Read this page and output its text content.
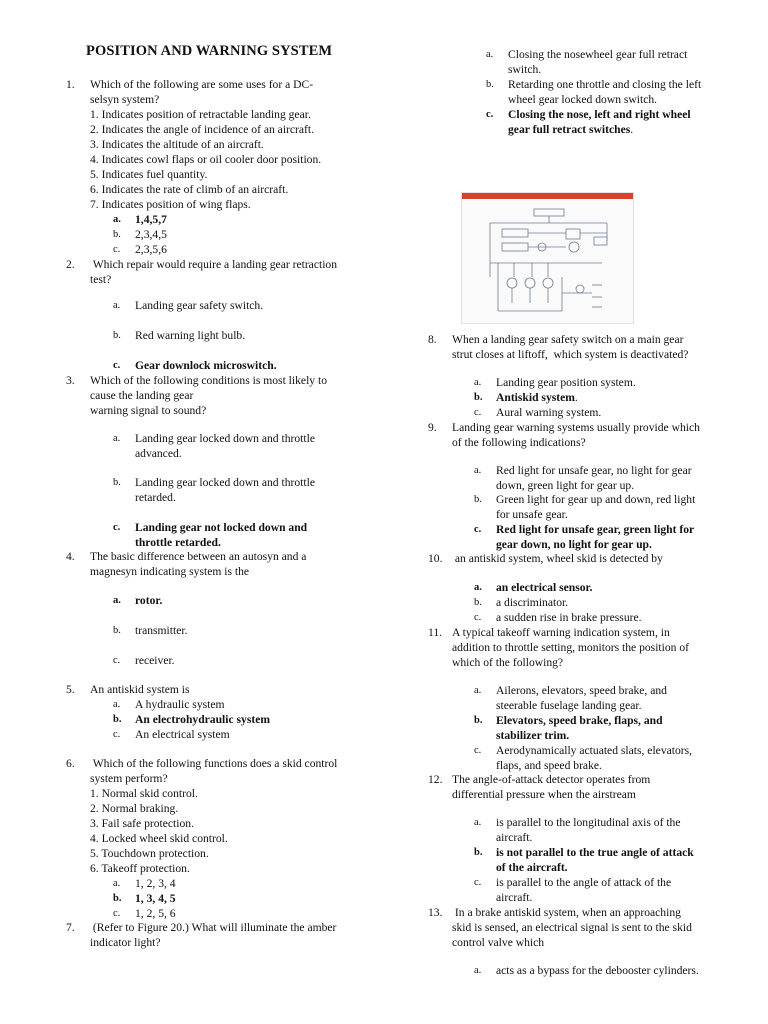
POSITION AND WARNING SYSTEM
1. Which of the following are some uses for a DC-
selsyn system?
1. Indicates position of retractable landing gear.
2. Indicates the angle of incidence of an aircraft.
3. Indicates the altitude of an aircraft.
4. Indicates cowl flaps or oil cooler door position.
5. Indicates fuel quantity.
6. Indicates the rate of climb of an aircraft.
7. Indicates position of wing flaps.
a. 1,4,5,7
b. 2,3,4,5
c. 2,3,5,6
2. Which repair would require a landing gear retraction
test?
a. Landing gear safety switch.
b. Red warning light bulb.
c. Gear downlock microswitch.
3. Which of the following conditions is most likely to
cause the landing gear
warning signal to sound?
a. Landing gear locked down and throttle
advanced.
b. Landing gear locked down and throttle
retarded.
c. Landing gear not locked down and
throttle retarded.
4. The basic difference between an autosyn and a
magnesyn indicating system is the
a. rotor.
b. transmitter.
c. receiver.
5. An antiskid system is
a. A hydraulic system
b. An electrohydraulic system
c. An electrical system
6. Which of the following functions does a skid control
system perform?
1. Normal skid control.
2. Normal braking.
3. Fail safe protection.
4. Locked wheel skid control.
5. Touchdown protection.
6. Takeoff protection.
a. 1, 2, 3, 4
b. 1, 3, 4, 5
c. 1, 2, 5, 6
7. (Refer to Figure 20.) What will illuminate the amber
indicator light?
a. Closing the nosewheel gear full retract
switch.
b. Retarding one throttle and closing the left
wheel gear locked down switch.
c. Closing the nose, left and right wheel
gear full retract switches.
8. When a landing gear safety switch on a main gear
strut closes at liftoff,  which system is deactivated?
a. Landing gear position system.
b. Antiskid system.
c. Aural warning system.
9. Landing gear warning systems usually provide which
of the following indications?
a. Red light for unsafe gear, no light for gear
down, green light for gear up.
b. Green light for gear up and down, red light
for unsafe gear.
c. Red light for unsafe gear, green light for
gear down, no light for gear up.
10. an antiskid system, wheel skid is detected by
a. an electrical sensor.
b. a discriminator.
c. a sudden rise in brake pressure.
11. A typical takeoff warning indication system, in
addition to throttle setting, monitors the position of
which of the following?
a. Ailerons, elevators, speed brake, and
steerable fuselage landing gear.
b. Elevators, speed brake, flaps, and
stabilizer trim.
c. Aerodynamically actuated slats, elevators,
flaps, and speed brake.
12. The angle-of-attack detector operates from
differential pressure when the airstream
a. is parallel to the longitudinal axis of the
aircraft.
b. is not parallel to the true angle of attack
of the aircraft.
c. is parallel to the angle of attack of the
aircraft.
13. In a brake antiskid system, when an approaching
skid is sensed, an electrical signal is sent to the skid
control valve which
a. acts as a bypass for the debooster cylinders.
